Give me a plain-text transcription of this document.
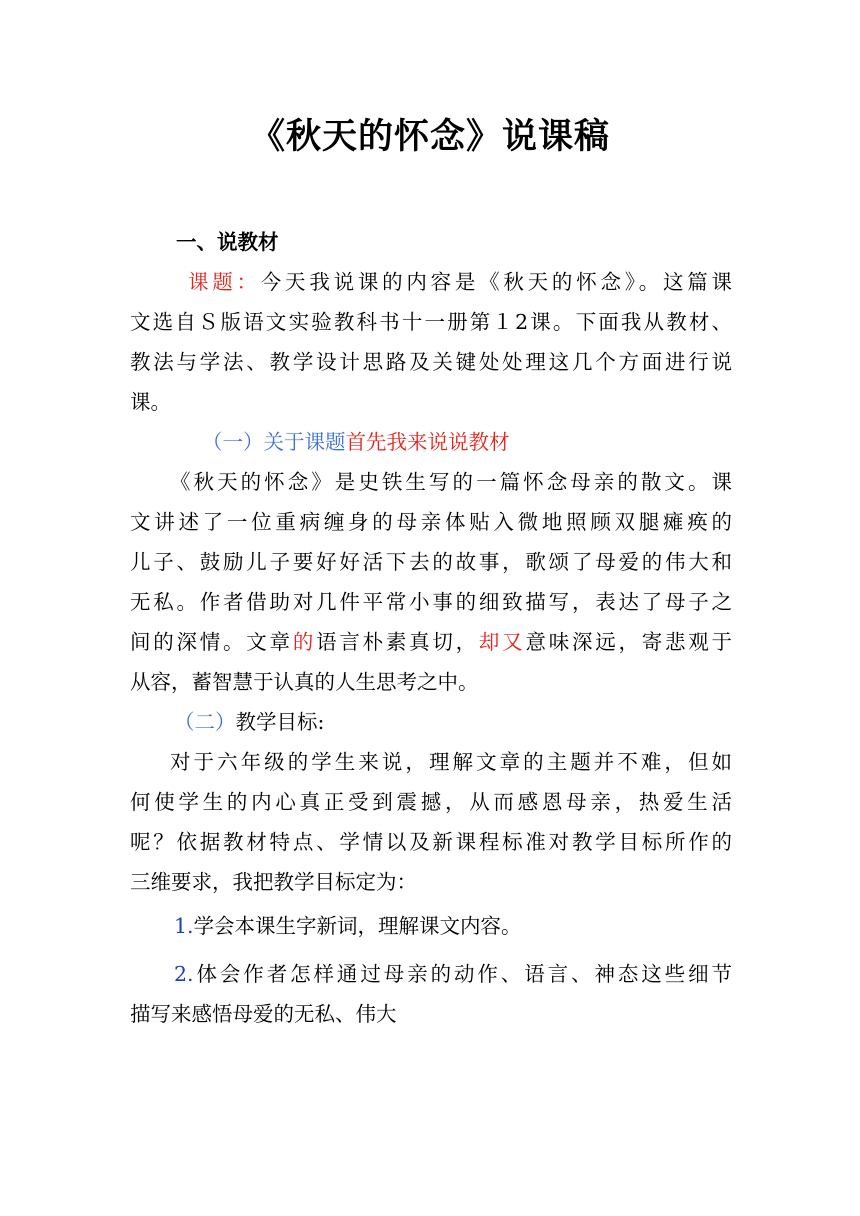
《秋天的怀念》说课稿
一、说教材
课题：今天我说课的内容是《秋天的怀念》。这篇课
文选自Ｓ版语文实验教科书十一册第１2课。下面我从教材、
教法与学法、教学设计思路及关键处处理这几个方面进行说
课。
（一）关于课题首先我来说说教材
《秋天的怀念》是史铁生写的一篇怀念母亲的散文。课
文讲述了一位重病缠身的母亲体贴入微地照顾双腿瘫痪的
儿子、鼓励儿子要好好活下去的故事，歌颂了母爱的伟大和
无私。作者借助对几件平常小事的细致描写，表达了母子之
间的深情。文章的语言朴素真切，却又意味深远，寄悲观于
从容，蓄智慧于认真的人生思考之中。
（二）教学目标:
对于六年级的学生来说，理解文章的主题并不难，但如
何使学生的内心真正受到震撼，从而感恩母亲，热爱生活
呢？依据教材特点、学情以及新课程标准对教学目标所作的
三维要求，我把教学目标定为：
1.学会本课生字新词，理解课文内容。
2.体会作者怎样通过母亲的动作、语言、神态这些细节
描写来感悟母爱的无私、伟大
